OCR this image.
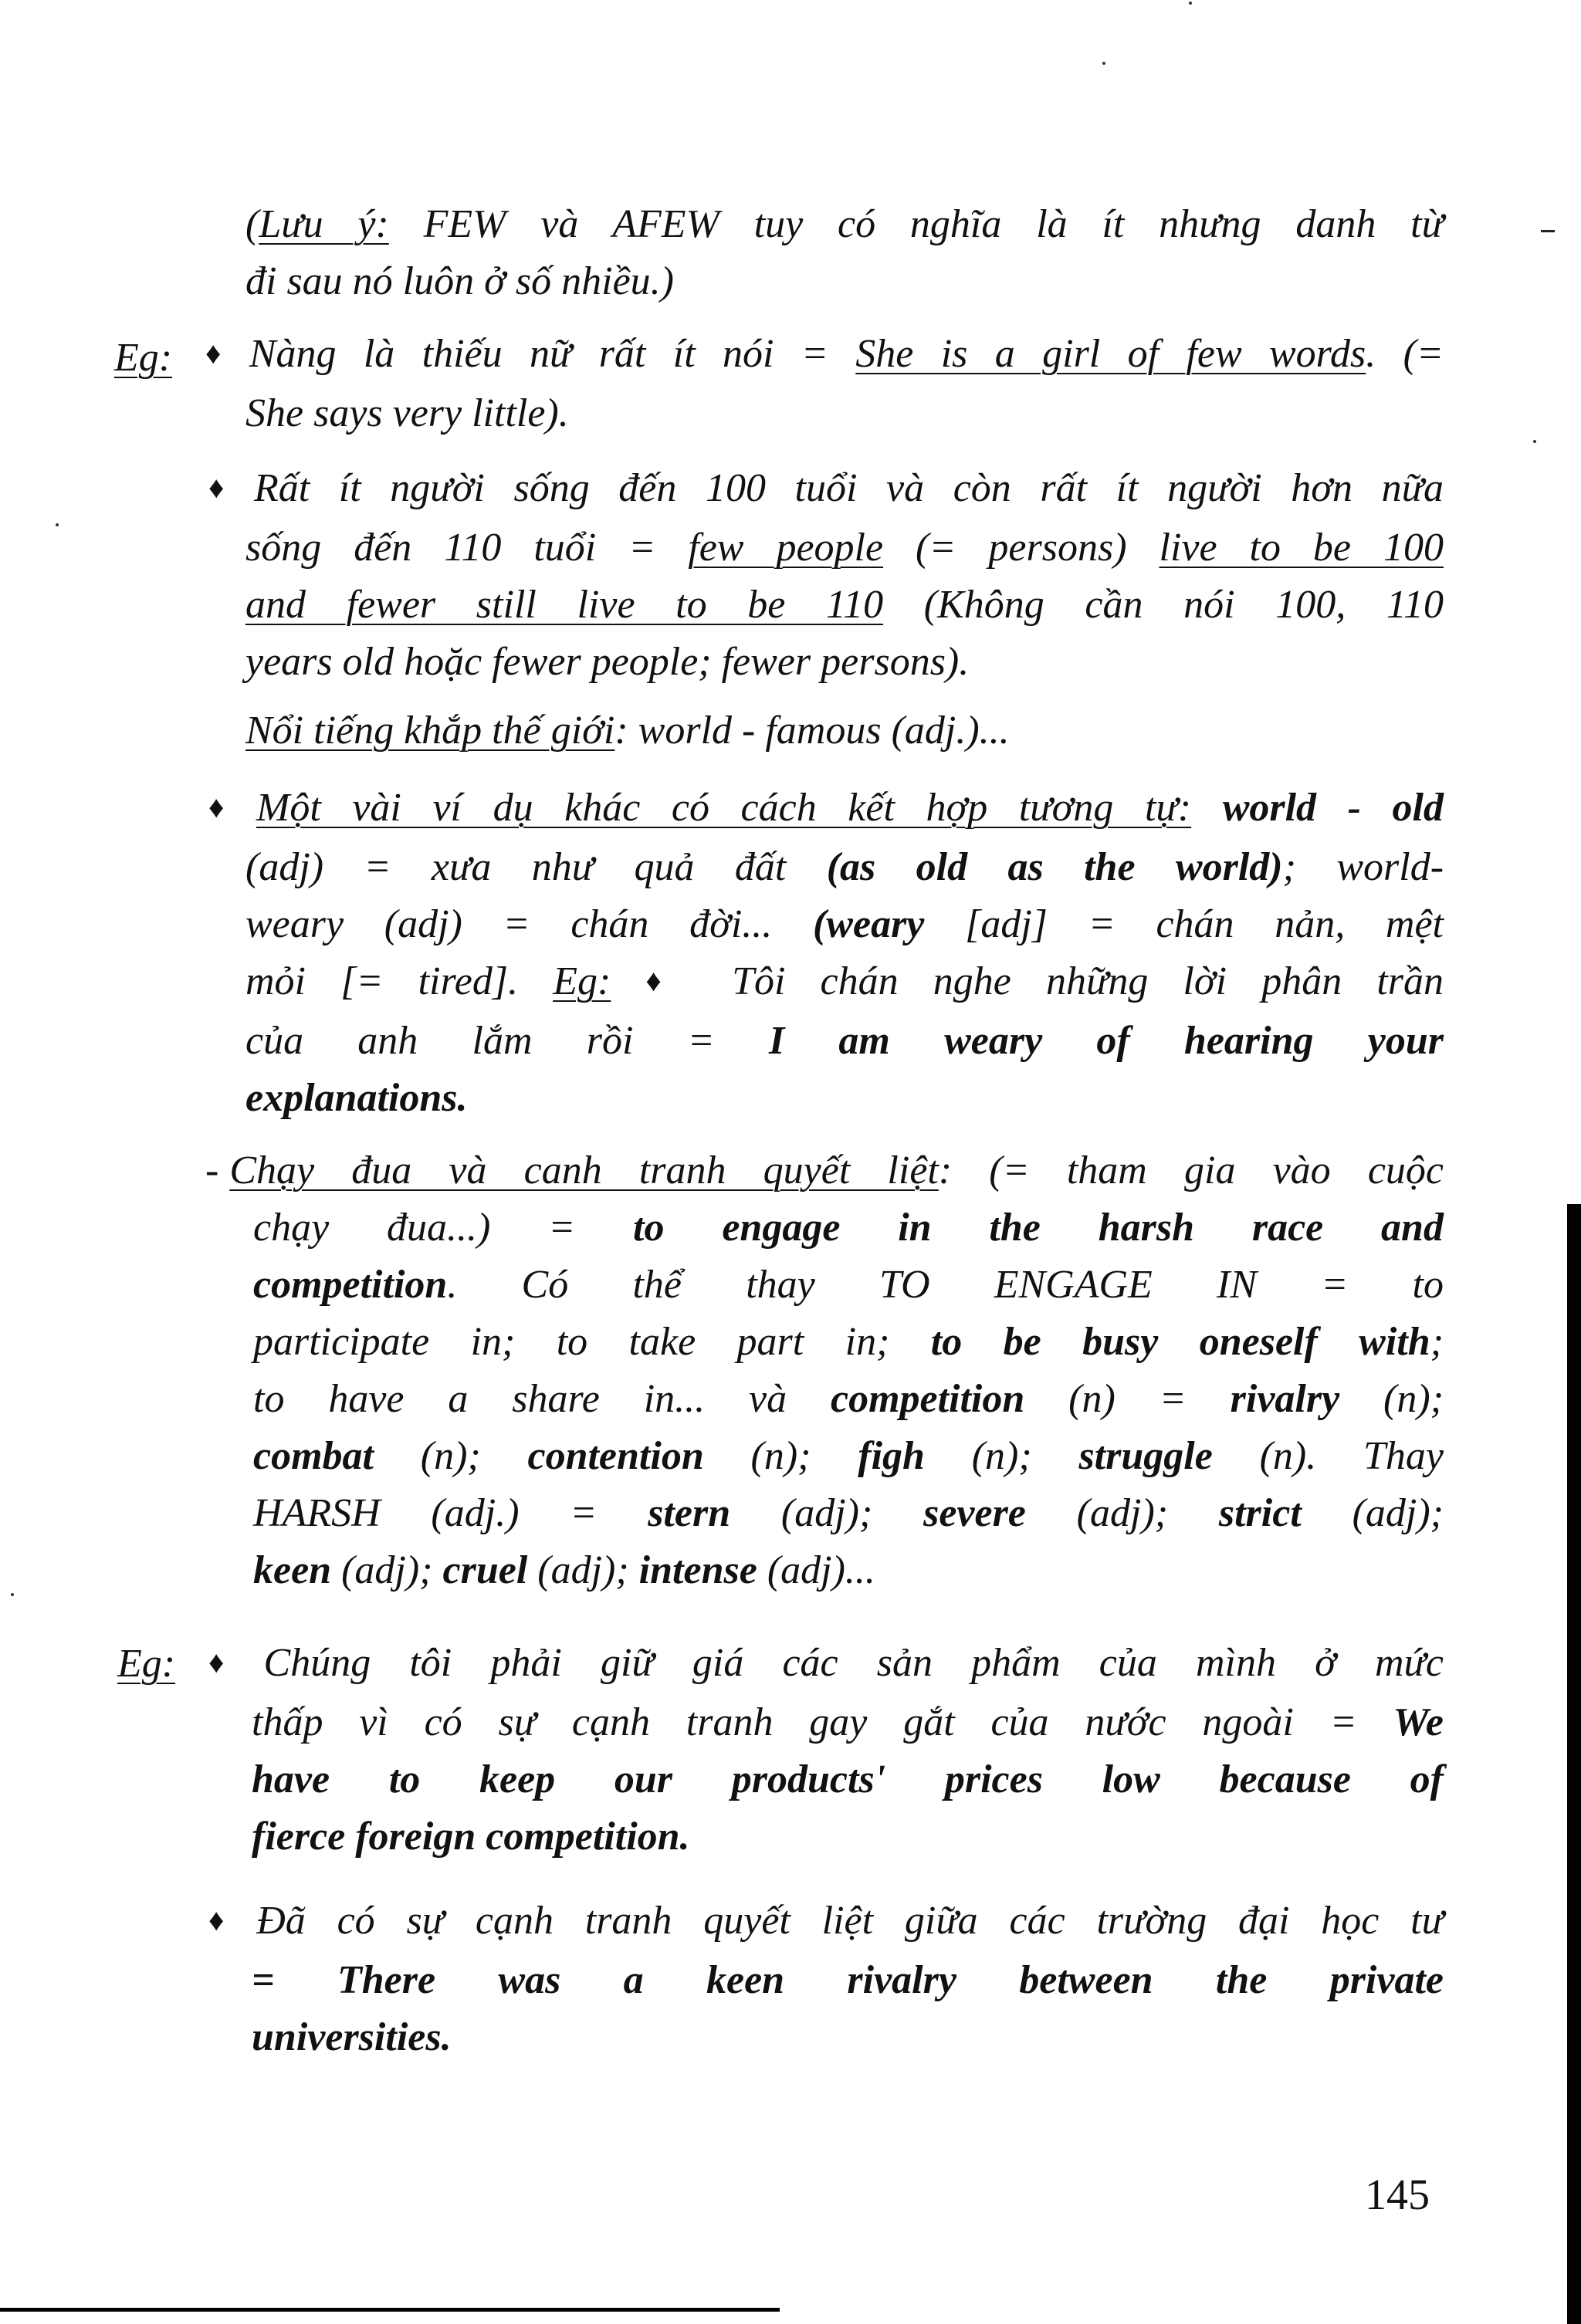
(Lưu ý: FEW và AFEW tuy có nghĩa là ít nhưng danh từ
đi sau nó luôn ở số nhiều.)
Eg: ♦ Nàng là thiếu nữ rất ít nói = She is a girl of few words. (=
She says very little).
♦ Rất ít người sống đến 100 tuổi và còn rất ít người hơn nữa
sống đến 110 tuổi = few people (= persons) live to be 100
and fewer still live to be 110 (Không cần nói 100, 110
years old hoặc fewer people; fewer persons).
Nổi tiếng khắp thế giới: world - famous (adj.)...
♦ Một vài ví dụ khác có cách kết hợp tương tự: world - old
(adj) = xưa như quả đất (as old as the world); world-
weary (adj) = chán đời... (weary [adj] = chán nản, mệt
mỏi [= tired]. Eg: ♦ Tôi chán nghe những lời phân trần
của anh lắm rồi = I am weary of hearing your
explanations.
- Chạy đua và canh tranh quyết liệt: (= tham gia vào cuộc
chạy đua...) = to engage in the harsh race and
competition. Có thể thay TO ENGAGE IN = to
participate in; to take part in; to be busy oneself with;
to have a share in... và competition (n) = rivalry (n);
combat (n); contention (n); figh (n); struggle (n). Thay
HARSH (adj.) = stern (adj); severe (adj); strict (adj);
keen (adj); cruel (adj); intense (adj)...
Eg: ♦ Chúng tôi phải giữ giá các sản phẩm của mình ở mức
thấp vì có sự cạnh tranh gay gắt của nước ngoài = We
have to keep our products' prices low because of
fierce foreign competition.
♦ Đã có sự cạnh tranh quyết liệt giữa các trường đại học tư
= There was a keen rivalry between the private
universities.
145
